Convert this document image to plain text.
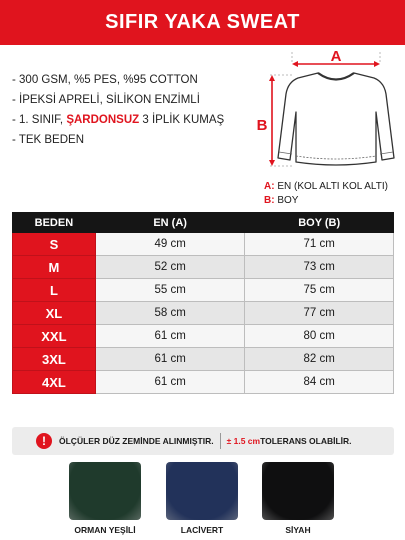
SIFIR YAKA SWEAT
- 300 GSM, %5 PES, %95 COTTON
- İPEKSİ APRELİ, SİLİKON ENZİMLİ
- 1. SINIF, ŞARDONSUZ 3 İPLİK KUMAŞ
- TEK BEDEN
A
B
A: EN (KOL ALTI KOL ALTI)
B: BOY
BEDEN	EN (A)	BOY (B)
S	49 cm	71 cm
M	52 cm	73 cm
L	55 cm	75 cm
XL	58 cm	77 cm
XXL	61 cm	80 cm
3XL	61 cm	82 cm
4XL	61 cm	84 cm
!	ÖLÇÜLER DÜZ ZEMİNDE ALINMIŞTIR. ± 1.5 cm TOLERANS OLABİLİR.
ORMAN YEŞİLİ	LACİVERT	SİYAH
